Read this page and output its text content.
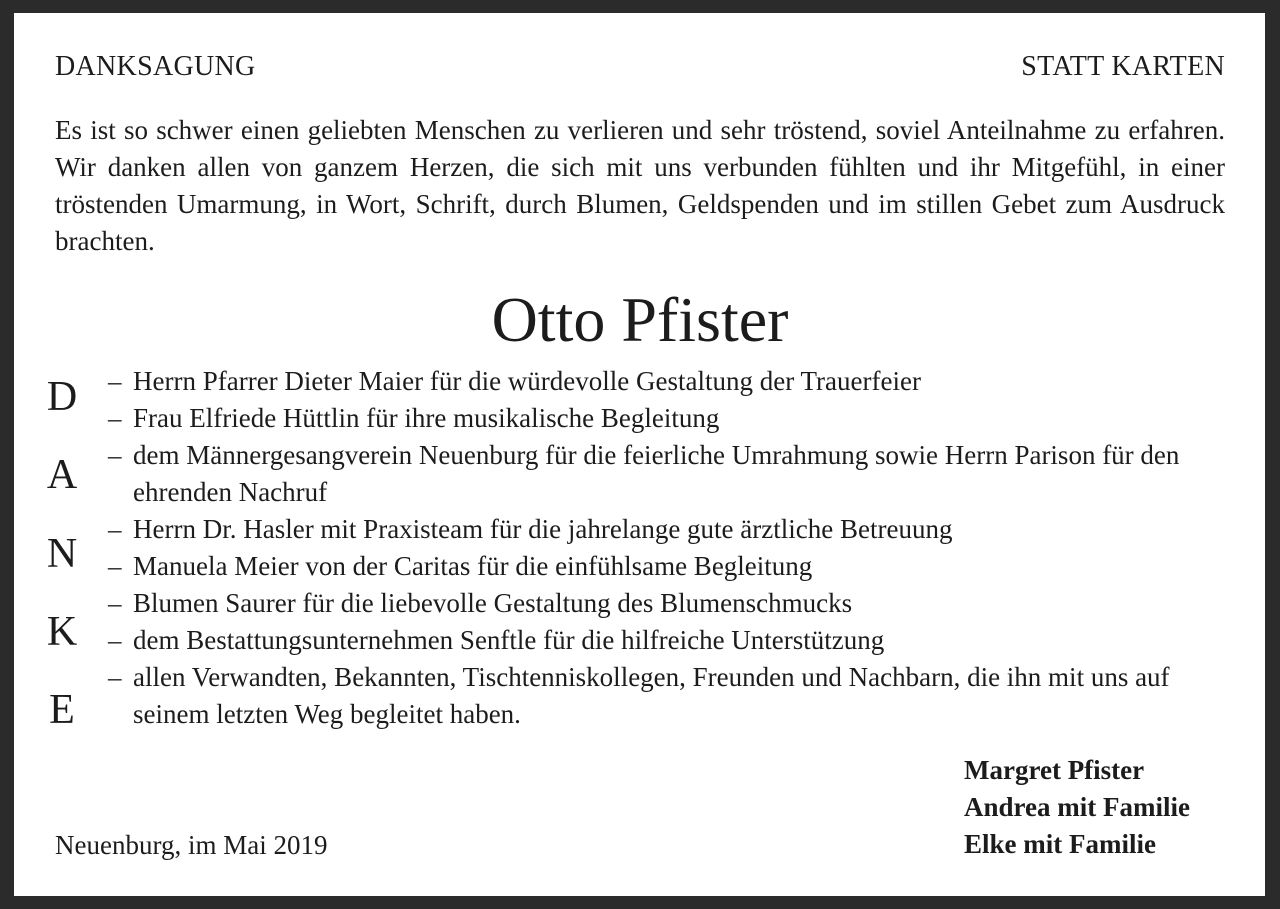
DANKSAGUNG	STATT KARTEN
Es ist so schwer einen geliebten Menschen zu verlieren und sehr tröstend, soviel Anteilnahme zu erfahren. Wir danken allen von ganzem Herzen, die sich mit uns verbunden fühlten und ihr Mitgefühl, in einer tröstenden Umarmung, in Wort, Schrift, durch Blumen, Geldspenden und im stillen Gebet zum Ausdruck brachten.
Otto Pfister
D
A
N
K
E
– Herrn Pfarrer Dieter Maier für die würdevolle Gestaltung der Trauerfeier
– Frau Elfriede Hüttlin für ihre musikalische Begleitung
– dem Männergesangverein Neuenburg für die feierliche Umrahmung sowie Herrn Parison für den ehrenden Nachruf
– Herrn Dr. Hasler mit Praxisteam für die jahrelange gute ärztliche Betreuung
– Manuela Meier von der Caritas für die einfühlsame Begleitung
– Blumen Saurer für die liebevolle Gestaltung des Blumenschmucks
– dem Bestattungsunternehmen Senftle für die hilfreiche Unterstützung
– allen Verwandten, Bekannten, Tischtenniskollegen, Freunden und Nachbarn, die ihn mit uns auf seinem letzten Weg begleitet haben.
Margret Pfister
Andrea mit Familie
Elke mit Familie
Neuenburg, im Mai 2019
